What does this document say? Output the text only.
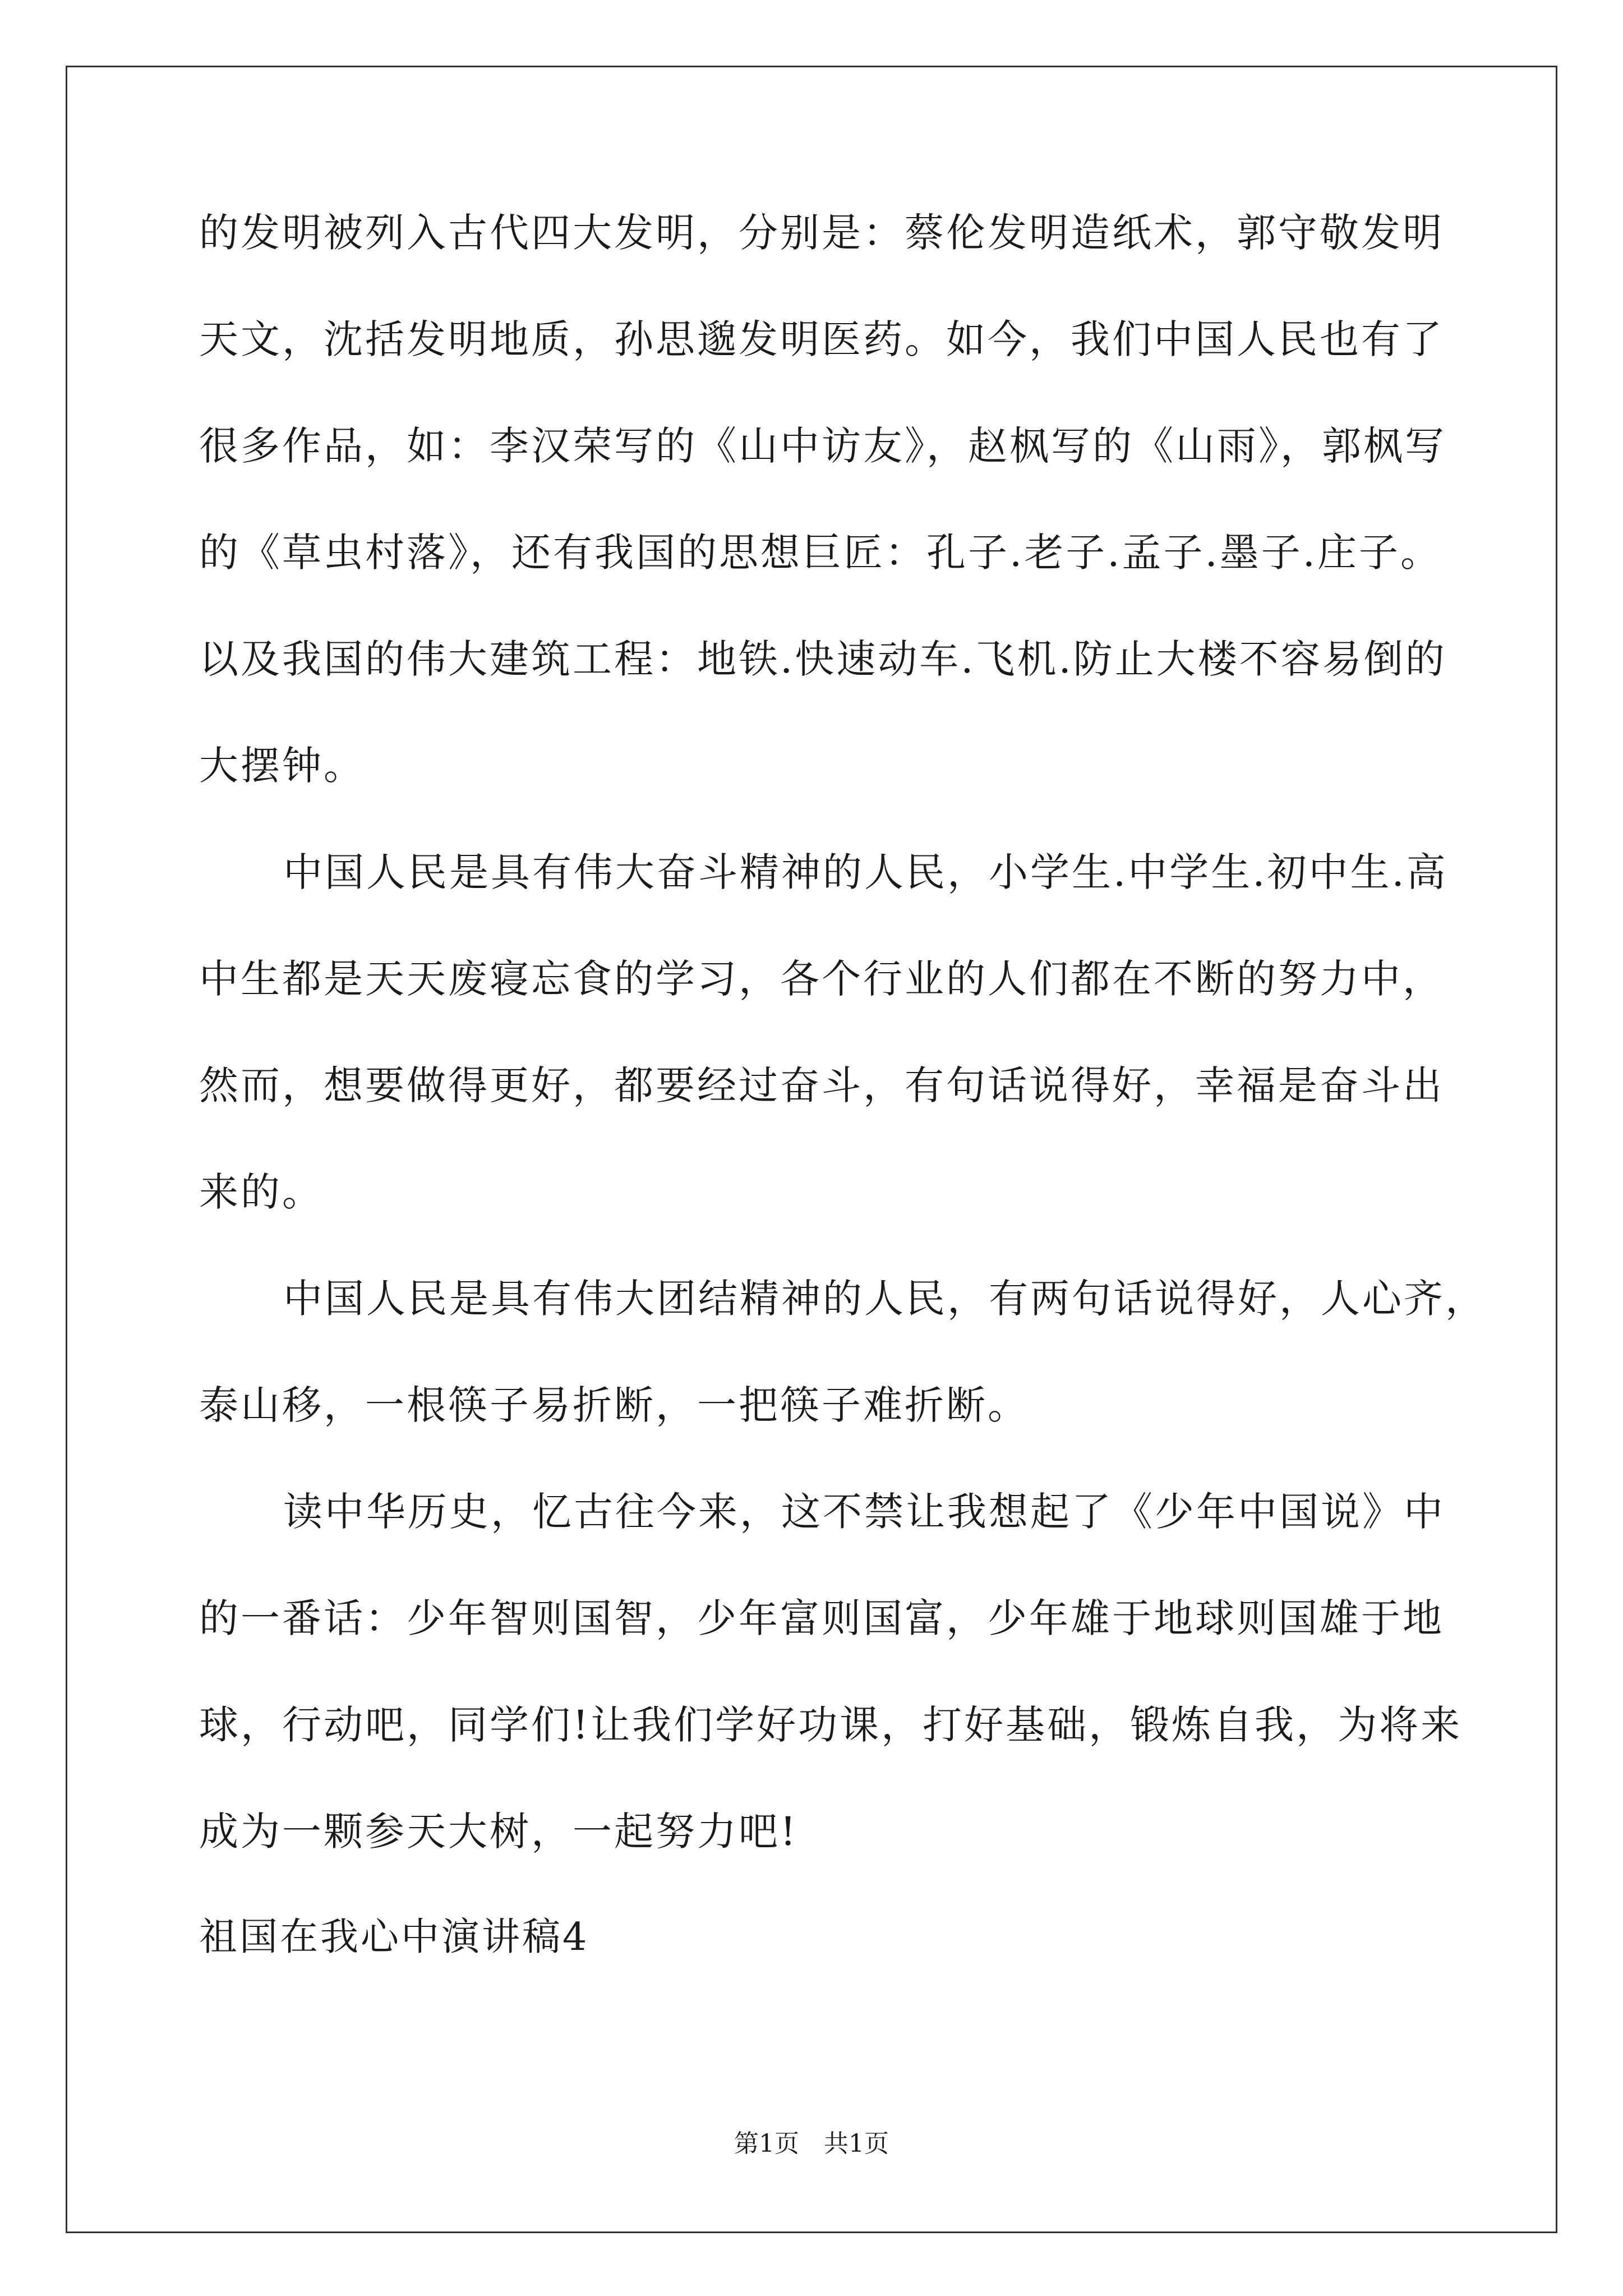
的发明被列入古代四大发明，分别是：蔡伦发明造纸术，郭守敬发明
天文，沈括发明地质，孙思邈发明医药。如今，我们中国人民也有了
很多作品，如：李汉荣写的《山中访友》，赵枫写的《山雨》，郭枫写
的《草虫村落》，还有我国的思想巨匠：孔子.老子.孟子.墨子.庄子。
以及我国的伟大建筑工程：地铁.快速动车.飞机.防止大楼不容易倒的
大摆钟。
中国人民是具有伟大奋斗精神的人民，小学生.中学生.初中生.高
中生都是天天废寝忘食的学习，各个行业的人们都在不断的努力中，
然而，想要做得更好，都要经过奋斗，有句话说得好，幸福是奋斗出
来的。
中国人民是具有伟大团结精神的人民，有两句话说得好，人心齐，
泰山移，一根筷子易折断，一把筷子难折断。
读中华历史，忆古往今来，这不禁让我想起了《少年中国说》中
的一番话：少年智则国智，少年富则国富，少年雄于地球则国雄于地
球，行动吧，同学们!让我们学好功课，打好基础，锻炼自我，为将来
成为一颗参天大树，一起努力吧!
祖国在我心中演讲稿4
第1页 共1页
